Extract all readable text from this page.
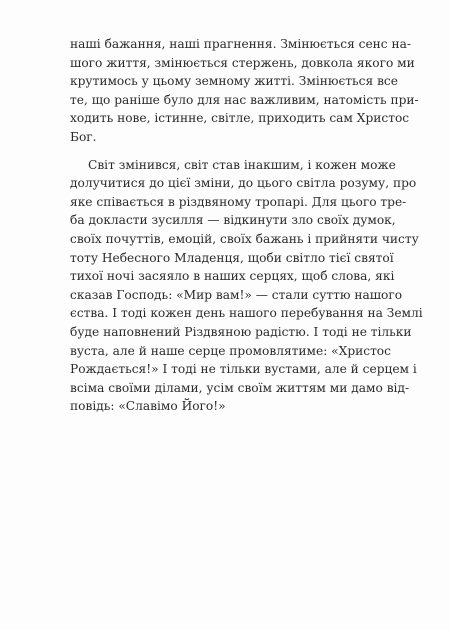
наші бажання, наші прагнення. Змінюється сенс на-
шого життя, змінюється стержень, довкола якого ми
крутимось у цьому земному житті. Змінюється все
те, що раніше було для нас важливим, натомість при-
ходить нове, істинне, світле, приходить сам Христос
Бог.
Світ змінився, світ став інакшим, і кожен може
долучитися до цієї зміни, до цього світла розуму, про
яке співається в різдвяному тропарі. Для цього тре-
ба докласти зусилля — відкинути зло своїх думок,
своїх почуттів, емоцій, своїх бажань і прийняти чисту
тоту Небесного Младенця, щоби світло тієї святої
тихої ночі засяяло в наших серцях, щоб слова, які
сказав Господь: «Мир вам!» — стали суттю нашого
єства. І тоді кожен день нашого перебування на Землі
буде наповнений Різдвяною радістю. І тоді не тільки
вуста, але й наше серце промовлятиме: «Христос
Рождається!» І тоді не тільки вустами, але й серцем і
всіма своїми ділами, усім своїм життям ми дамо від-
повідь: «Славімо Його!»
